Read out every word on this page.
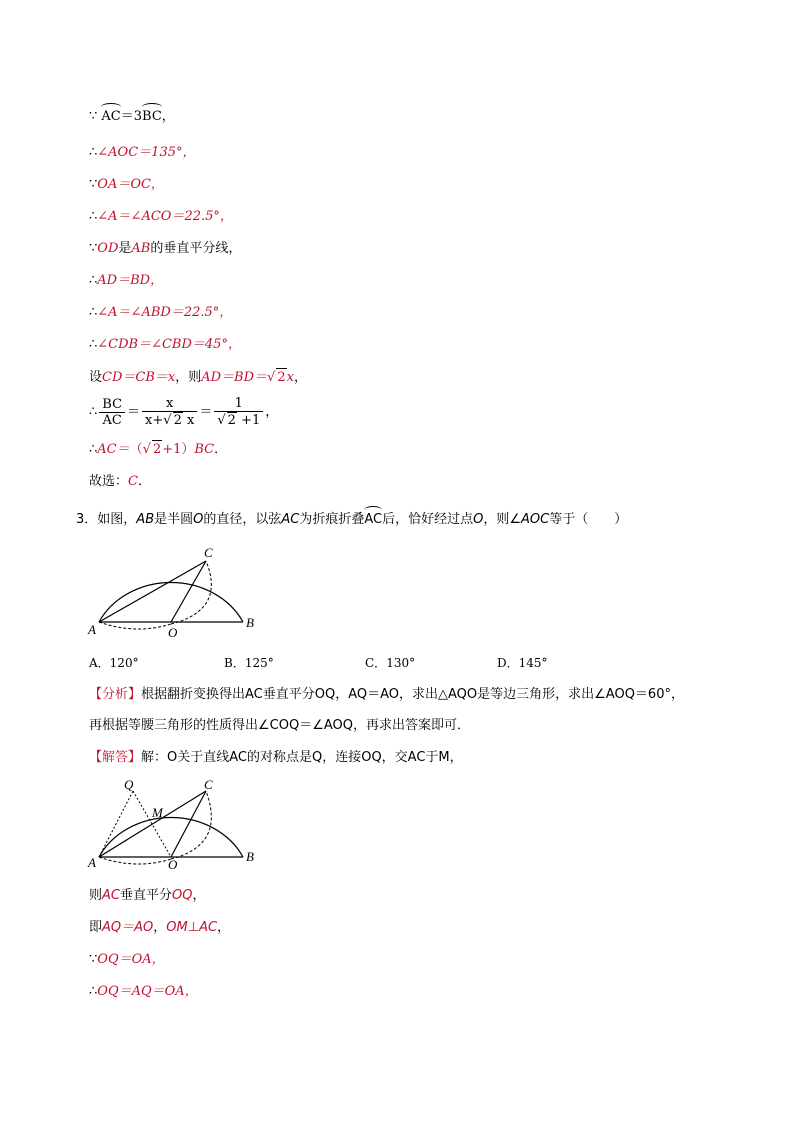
∵ AC＝3BC，
∴∠AOC＝135°，
∵OA＝OC，
∴∠A＝∠ACO＝22.5°，
∵OD是AB的垂直平分线，
∴AD＝BD，
∴∠A＝∠ABD＝22.5°，
∴∠CDB＝∠CBD＝45°，
设CD＝CB＝x，则AD＝BD＝√ 2x，
∴ $\frac{BC}{AC} = \frac{x}{x+√ 2 x} = \frac{1}{√ 2 +1}$ ，
∴AC＝（√ 2+1）BC．
故选：C．
3．如图，AB是半圆O的直径，以弦AC为折痕折叠AC后，恰好经过点O，则∠AOC等于（　　）
A	B
C
O
A．120°	B．125°	C．130°	D．145°
【分析】根据翻折变换得出AC垂直平分OQ，AQ＝AO，求出△AQO是等边三角形，求出∠AOQ＝60°，
再根据等腰三角形的性质得出∠COQ＝∠AOQ，再求出答案即可．
【解答】解：O关于直线AC的对称点是Q，连接OQ，交AC于M，
A	B
C
O
Q
M
则AC垂直平分OQ，
即AQ＝AO，OM⊥AC，
∵OQ＝OA，
∴OQ＝AQ＝OA，
